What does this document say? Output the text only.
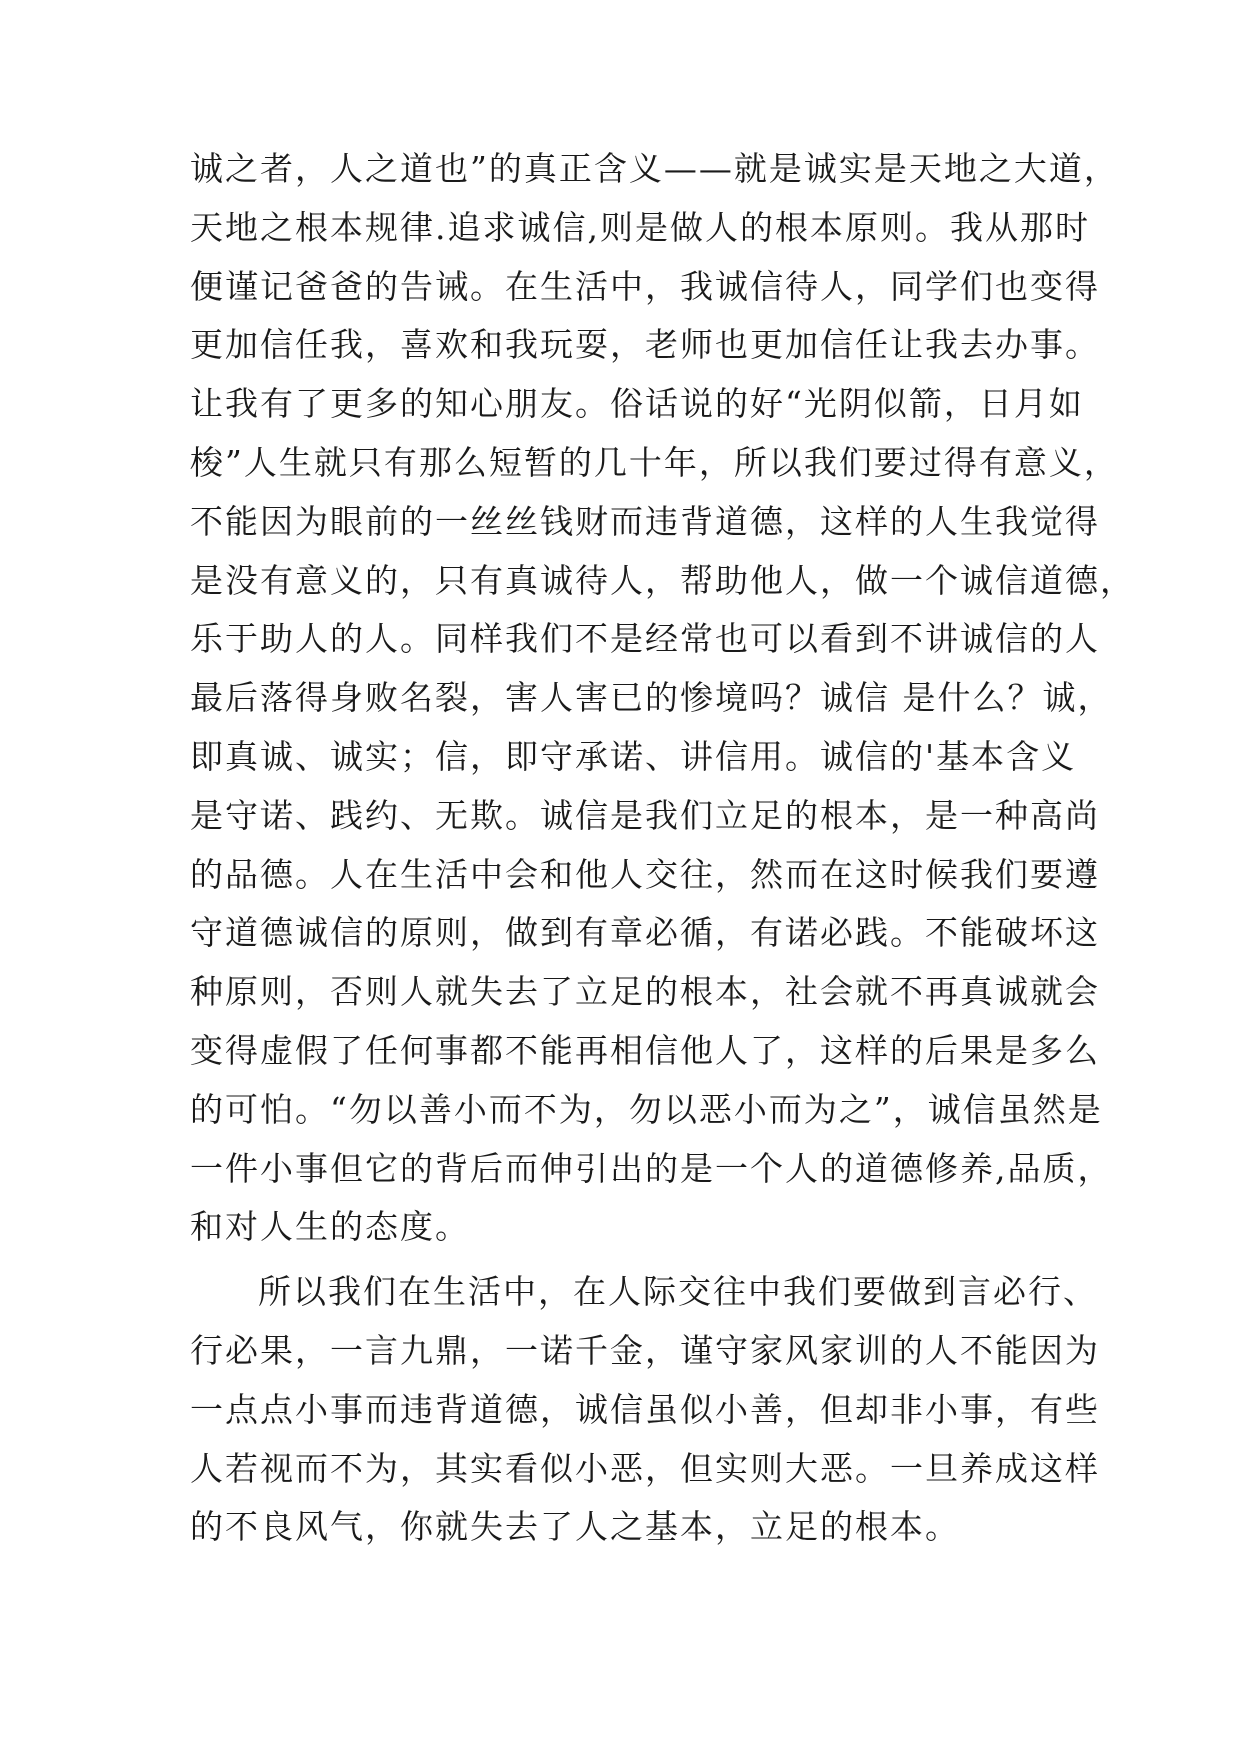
诚之者，人之道也”的真正含义——就是诚实是天地之大道，
天地之根本规律.追求诚信,则是做人的根本原则。我从那时
便谨记爸爸的告诫。在生活中，我诚信待人，同学们也变得
更加信任我，喜欢和我玩耍，老师也更加信任让我去办事。
让我有了更多的知心朋友。俗话说的好“光阴似箭，日月如
梭”人生就只有那么短暂的几十年，所以我们要过得有意义，
不能因为眼前的一丝丝钱财而违背道德，这样的人生我觉得
是没有意义的，只有真诚待人，帮助他人，做一个诚信道德，
乐于助人的人。同样我们不是经常也可以看到不讲诚信的人
最后落得身败名裂，害人害已的惨境吗？诚信 是什么？诚，
即真诚、诚实；信，即守承诺、讲信用。诚信的'基本含义
是守诺、践约、无欺。诚信是我们立足的根本，是一种高尚
的品德。人在生活中会和他人交往，然而在这时候我们要遵
守道德诚信的原则，做到有章必循，有诺必践。不能破坏这
种原则，否则人就失去了立足的根本，社会就不再真诚就会
变得虚假了任何事都不能再相信他人了，这样的后果是多么
的可怕。“勿以善小而不为，勿以恶小而为之”，诚信虽然是
一件小事但它的背后而伸引出的是一个人的道德修养,品质，
和对人生的态度。
所以我们在生活中，在人际交往中我们要做到言必行、
行必果，一言九鼎，一诺千金，谨守家风家训的人不能因为
一点点小事而违背道德，诚信虽似小善，但却非小事，有些
人若视而不为，其实看似小恶，但实则大恶。一旦养成这样
的不良风气，你就失去了人之基本，立足的根本。
